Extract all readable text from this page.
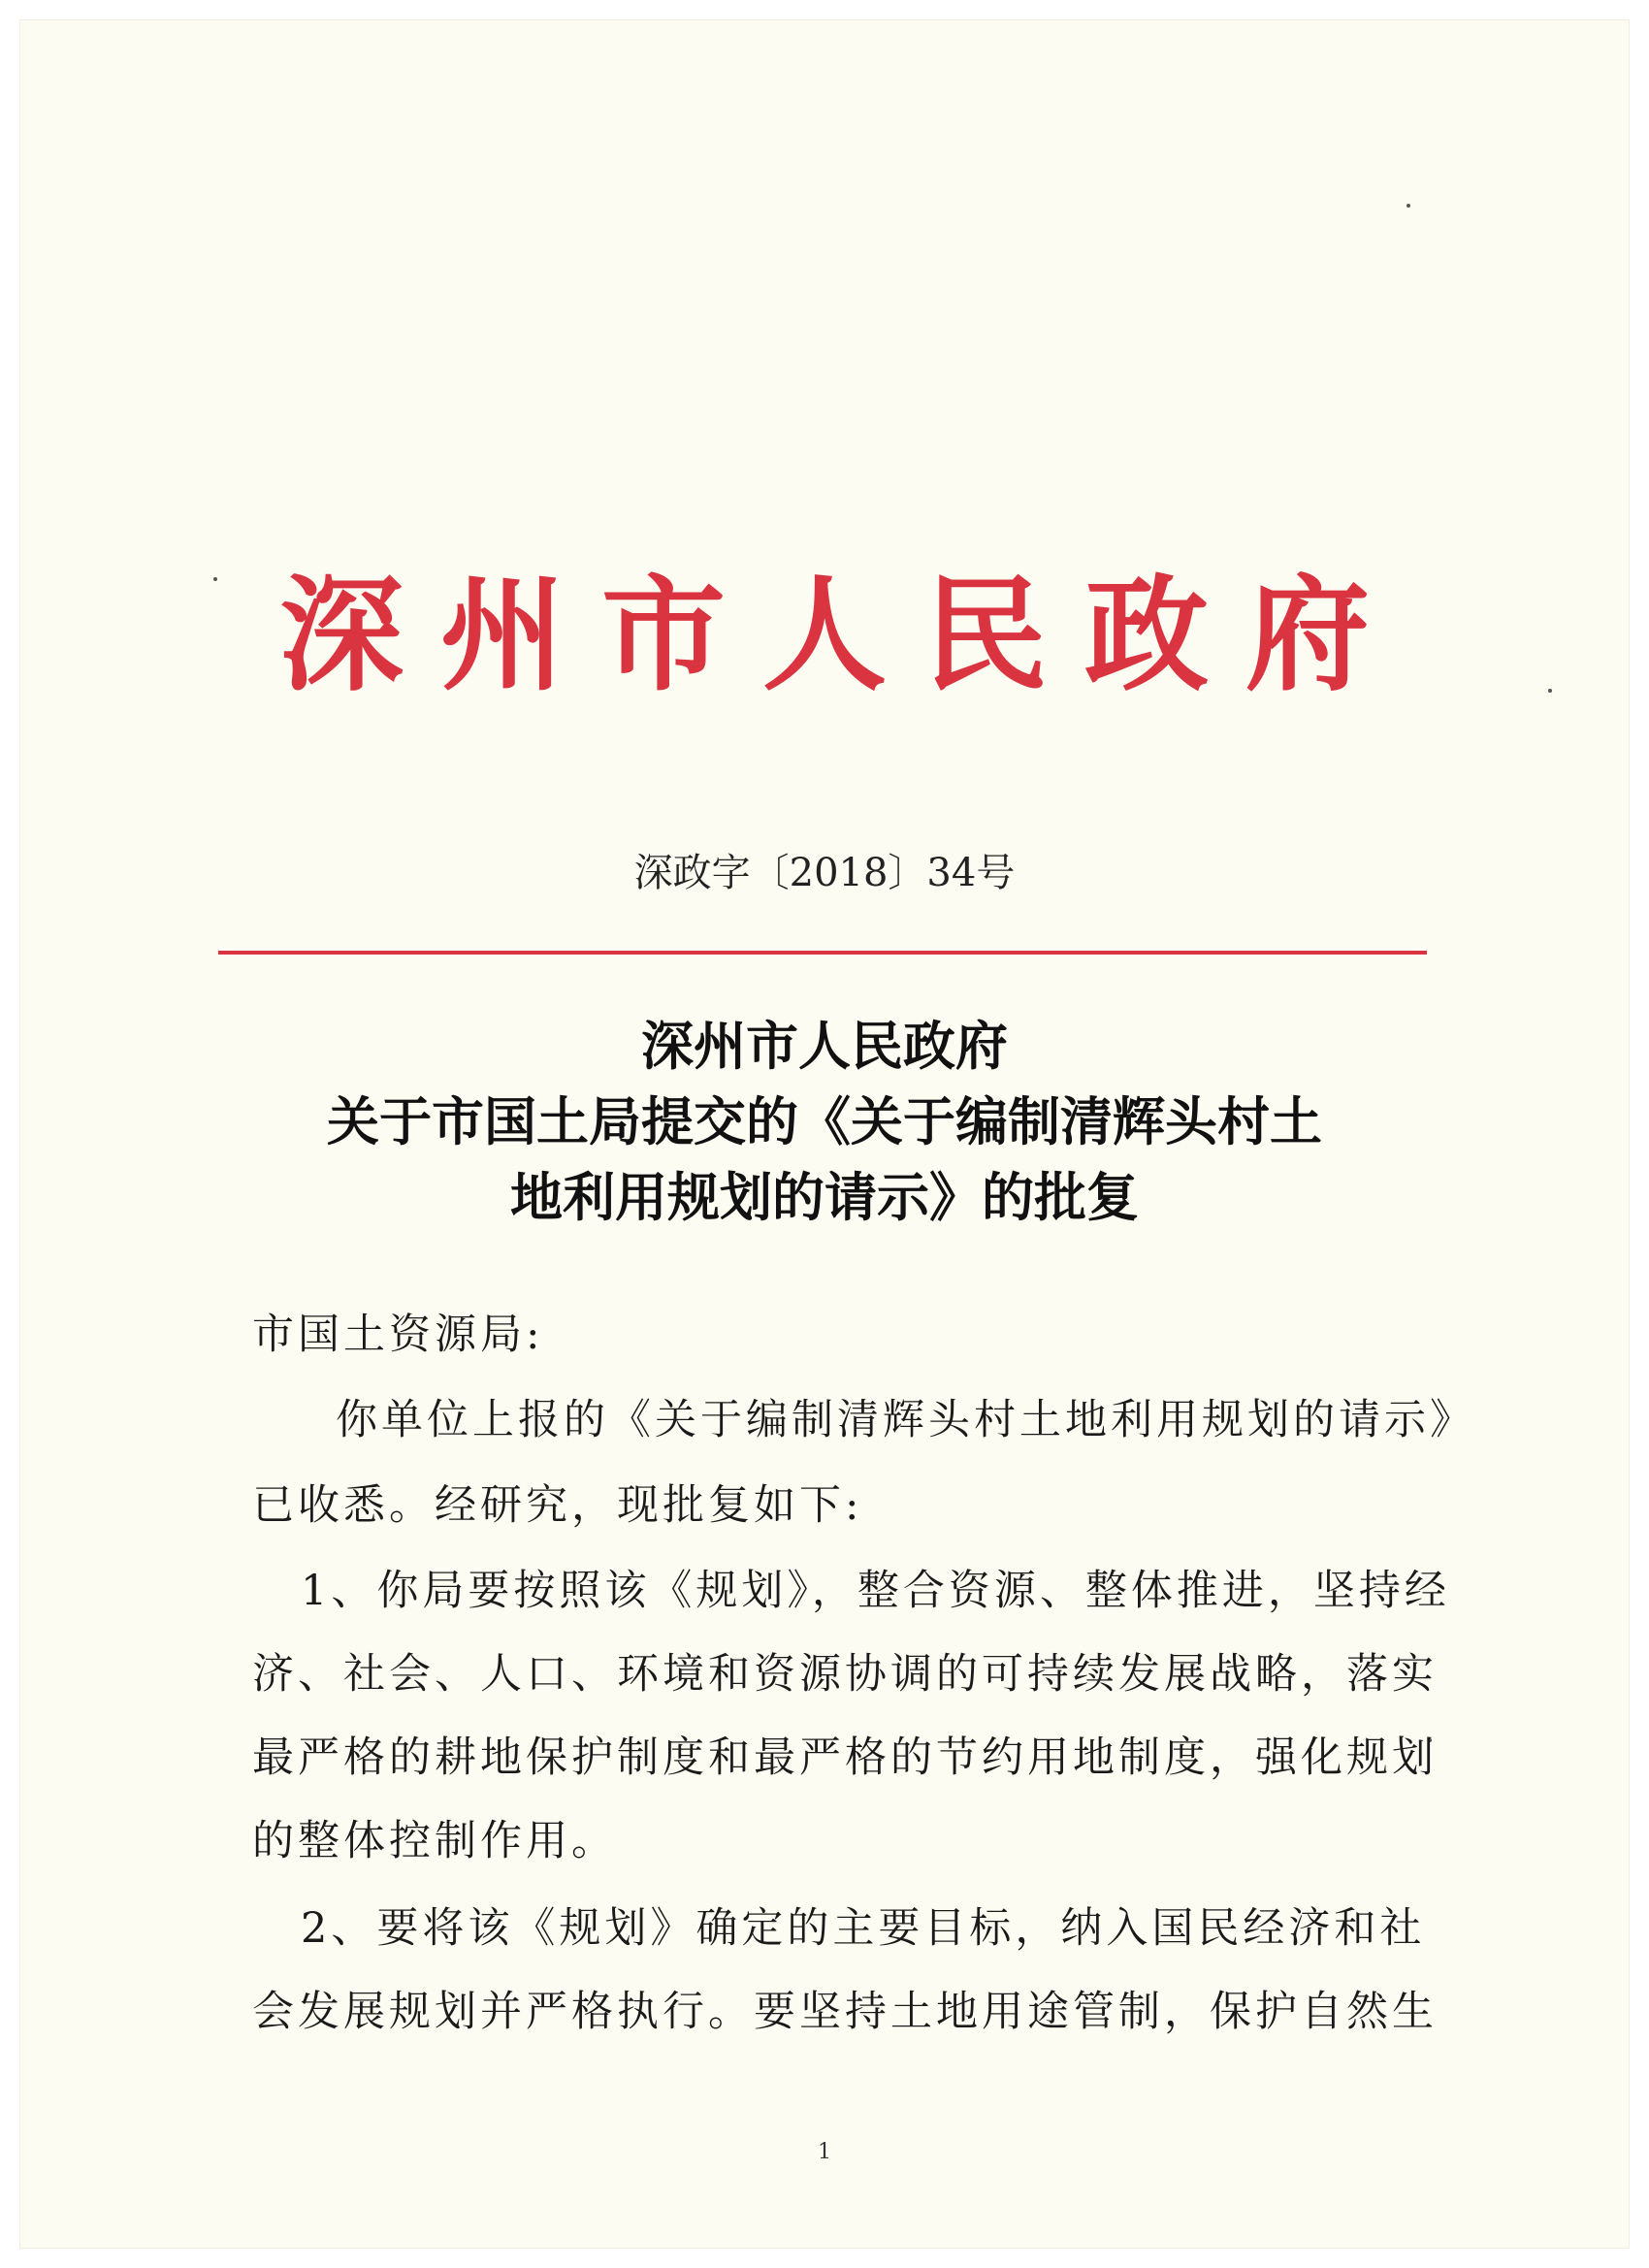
深州市人民政府
深政字〔2018〕34号
深州市人民政府
关于市国土局提交的《关于编制清辉头村土
地利用规划的请示》的批复
市国土资源局:
你单位上报的《关于编制清辉头村土地利用规划的请示》
已收悉。经研究，现批复如下:
1、你局要按照该《规划》，整合资源、整体推进，坚持经
济、社会、人口、环境和资源协调的可持续发展战略，落实
最严格的耕地保护制度和最严格的节约用地制度，强化规划
的整体控制作用。
2、要将该《规划》确定的主要目标，纳入国民经济和社
会发展规划并严格执行。要坚持土地用途管制，保护自然生
1
